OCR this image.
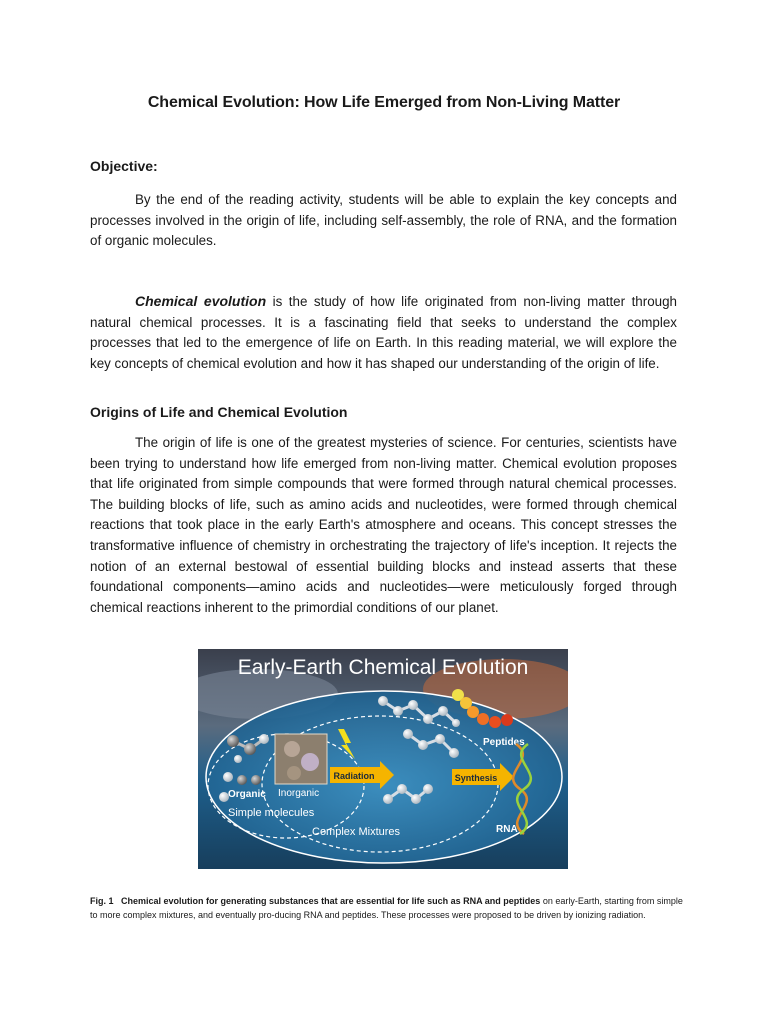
Chemical Evolution: How Life Emerged from Non-Living Matter
Objective:
By the end of the reading activity, students will be able to explain the key concepts and processes involved in the origin of life, including self-assembly, the role of RNA, and the formation of organic molecules.
Chemical evolution is the study of how life originated from non-living matter through natural chemical processes. It is a fascinating field that seeks to understand the complex processes that led to the emergence of life on Earth. In this reading material, we will explore the key concepts of chemical evolution and how it has shaped our understanding of the origin of life.
Origins of Life and Chemical Evolution
The origin of life is one of the greatest mysteries of science. For centuries, scientists have been trying to understand how life emerged from non-living matter. Chemical evolution proposes that life originated from simple compounds that were formed through natural chemical processes. The building blocks of life, such as amino acids and nucleotides, were formed through chemical reactions that took place in the early Earth's atmosphere and oceans. This concept stresses the transformative influence of chemistry in orchestrating the trajectory of life's inception. It rejects the notion of an external bestowal of essential building blocks and instead asserts that these foundational components—amino acids and nucleotides—were meticulously forged through chemical reactions inherent to the primordial conditions of our planet.
Early-Earth Chemical Evolution
Radiation	Synthesis
Peptides
RNA
Organic Inorganic
Simple molecules
Complex Mixtures
Fig. 1 Chemical evolution for generating substances that are essential for life such as RNA and peptides on early-Earth, starting from simple to more complex mixtures, and eventually pro-ducing RNA and peptides. These processes were proposed to be driven by ionizing radiation.
